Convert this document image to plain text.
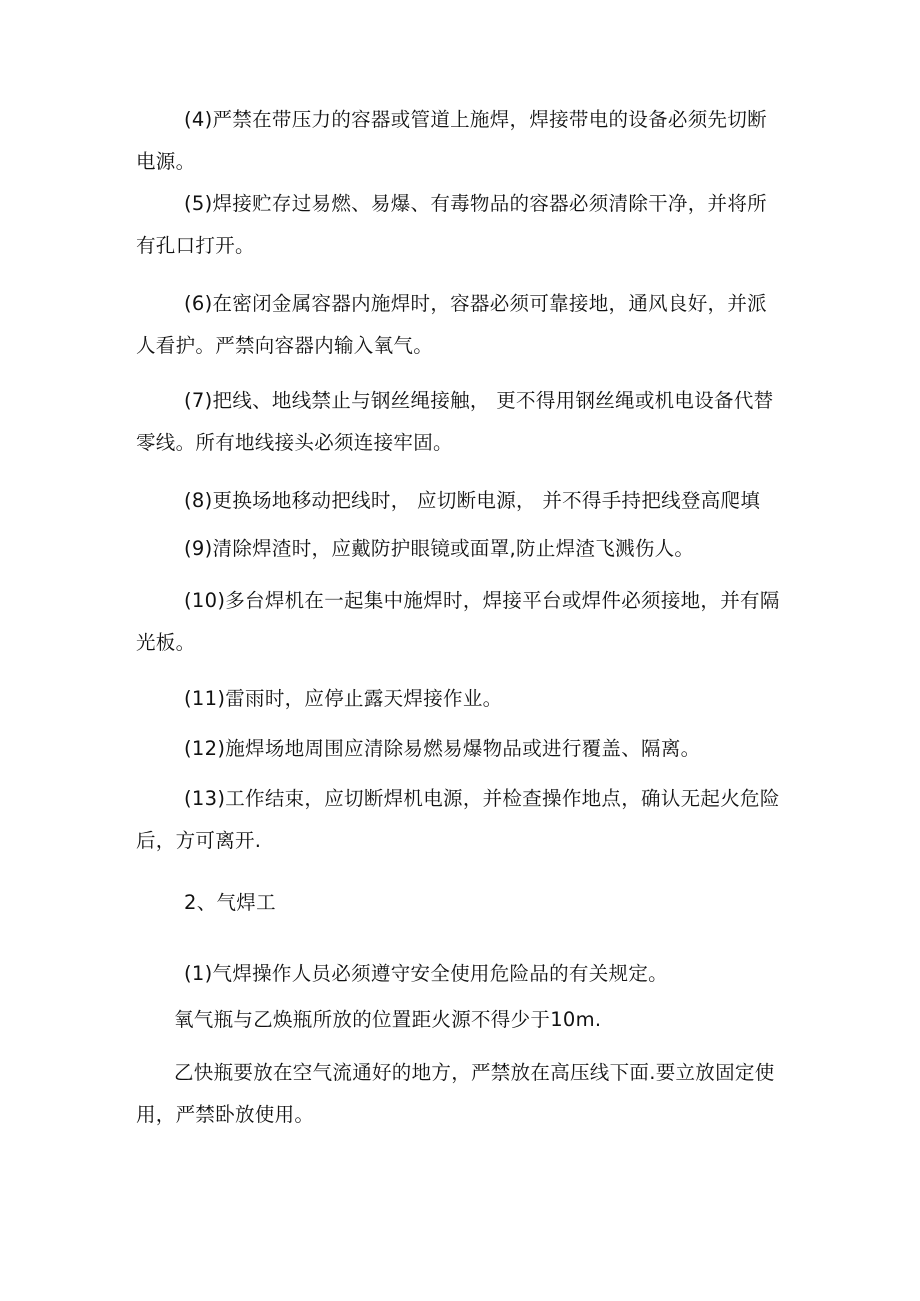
(4)严禁在带压力的容器或管道上施焊，焊接带电的设备必须先切断
电源。

(5)焊接贮存过易燃、易爆、有毒物品的容器必须清除干净，并将所
有孔口打开。

(6)在密闭金属容器内施焊时，容器必须可靠接地，通风良好，并派
人看护。严禁向容器内输入氧气。

(7)把线、地线禁止与钢丝绳接触， 更不得用钢丝绳或机电设备代替
零线。所有地线接头必须连接牢固。

(8)更换场地移动把线时， 应切断电源， 并不得手持把线登高爬填

(9)清除焊渣时，应戴防护眼镜或面罩,防止焊渣飞溅伤人。

(10)多台焊机在一起集中施焊时，焊接平台或焊件必须接地，并有隔
光板。

(11)雷雨时，应停止露天焊接作业。

(12)施焊场地周围应清除易燃易爆物品或进行覆盖、隔离。

(13)工作结束，应切断焊机电源，并检查操作地点，确认无起火危险
后，方可离开.

2、气焊工

(1)气焊操作人员必须遵守安全使用危险品的有关规定。

氧气瓶与乙焕瓶所放的位置距火源不得少于10m.

乙快瓶要放在空气流通好的地方，严禁放在高压线下面.要立放固定使
用，严禁卧放使用。
